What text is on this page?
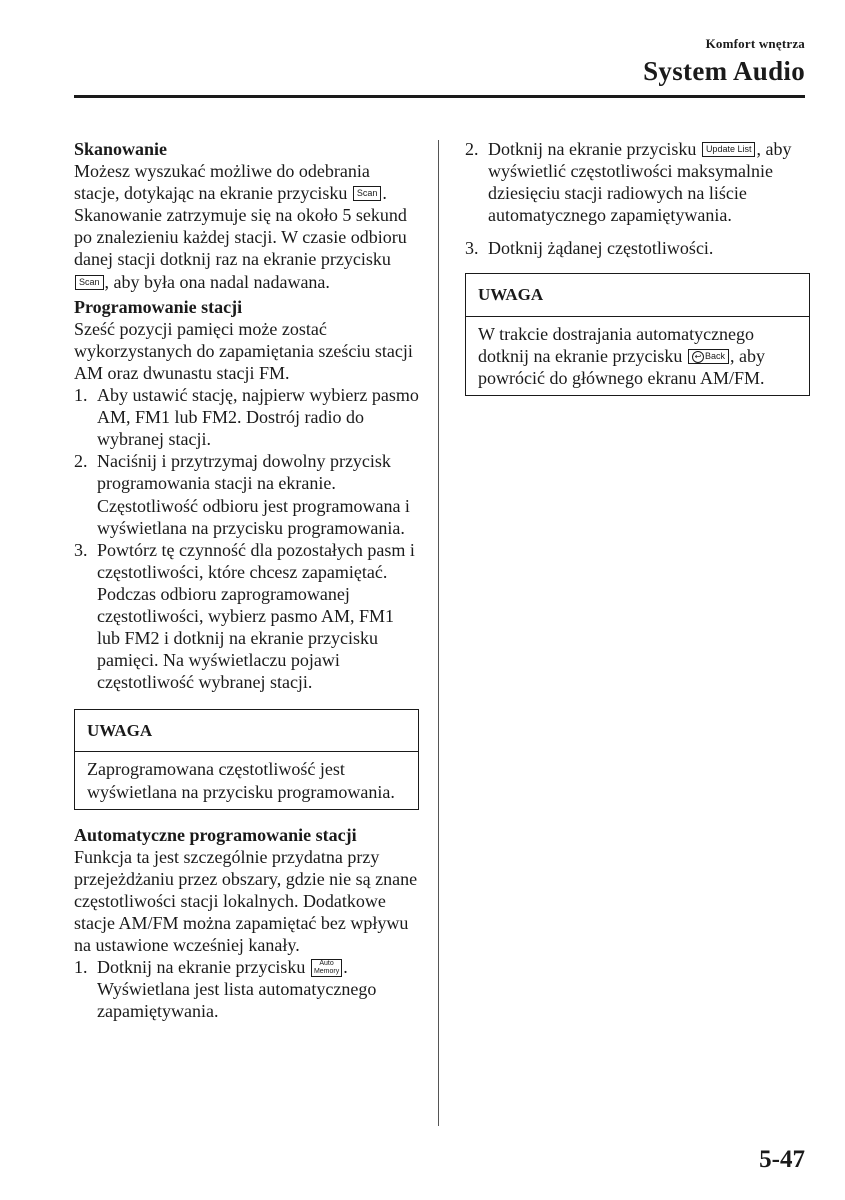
Komfort wnętrza
System Audio
Skanowanie

Możesz wyszukać możliwe do odebrania stacje, dotykając na ekranie przycisku Scan . Skanowanie zatrzymuje się na około 5 sekund po znalezieniu każdej stacji. W czasie odbioru danej stacji dotknij raz na ekranie przycisku Scan , aby była ona nadal nadawana.

Programowanie stacji

Sześć pozycji pamięci może zostać wykorzystanych do zapamiętania sześciu stacji AM oraz dwunastu stacji FM.

1. Aby ustawić stację, najpierw wybierz pasmo AM, FM1 lub FM2. Dostrój radio do wybranej stacji.
2. Naciśnij i przytrzymaj dowolny przycisk programowania stacji na ekranie. Częstotliwość odbioru jest programowana i wyświetlana na przycisku programowania.
3. Powtórz tę czynność dla pozostałych pasm i częstotliwości, które chcesz zapamiętać. Podczas odbioru zaprogramowanej częstotliwości, wybierz pasmo AM, FM1 lub FM2 i dotknij na ekranie przycisku pamięci. Na wyświetlaczu pojawi częstotliwość wybranej stacji.
UWAGA
Zaprogramowana częstotliwość jest wyświetlana na przycisku programowania.
Automatyczne programowanie stacji

Funkcja ta jest szczególnie przydatna przy przejeżdżaniu przez obszary, gdzie nie są znane częstotliwości stacji lokalnych. Dodatkowe stacje AM/FM można zapamiętać bez wpływu na ustawione wcześniej kanały.

1. Dotknij na ekranie przycisku	Auto
Memory . Wyświetlana jest lista automatycznego zapamiętywania.
2. Dotknij na ekranie przycisku Update List , aby wyświetlić częstotliwości maksymalnie dziesięciu stacji radiowych na liście automatycznego zapamiętywania.
3. Dotknij żądanej częstotliwości.
UWAGA
W trakcie dostrajania automatycznego dotknij na ekranie przycisku ↩ Back , aby powrócić do głównego ekranu AM/FM.
5-47
